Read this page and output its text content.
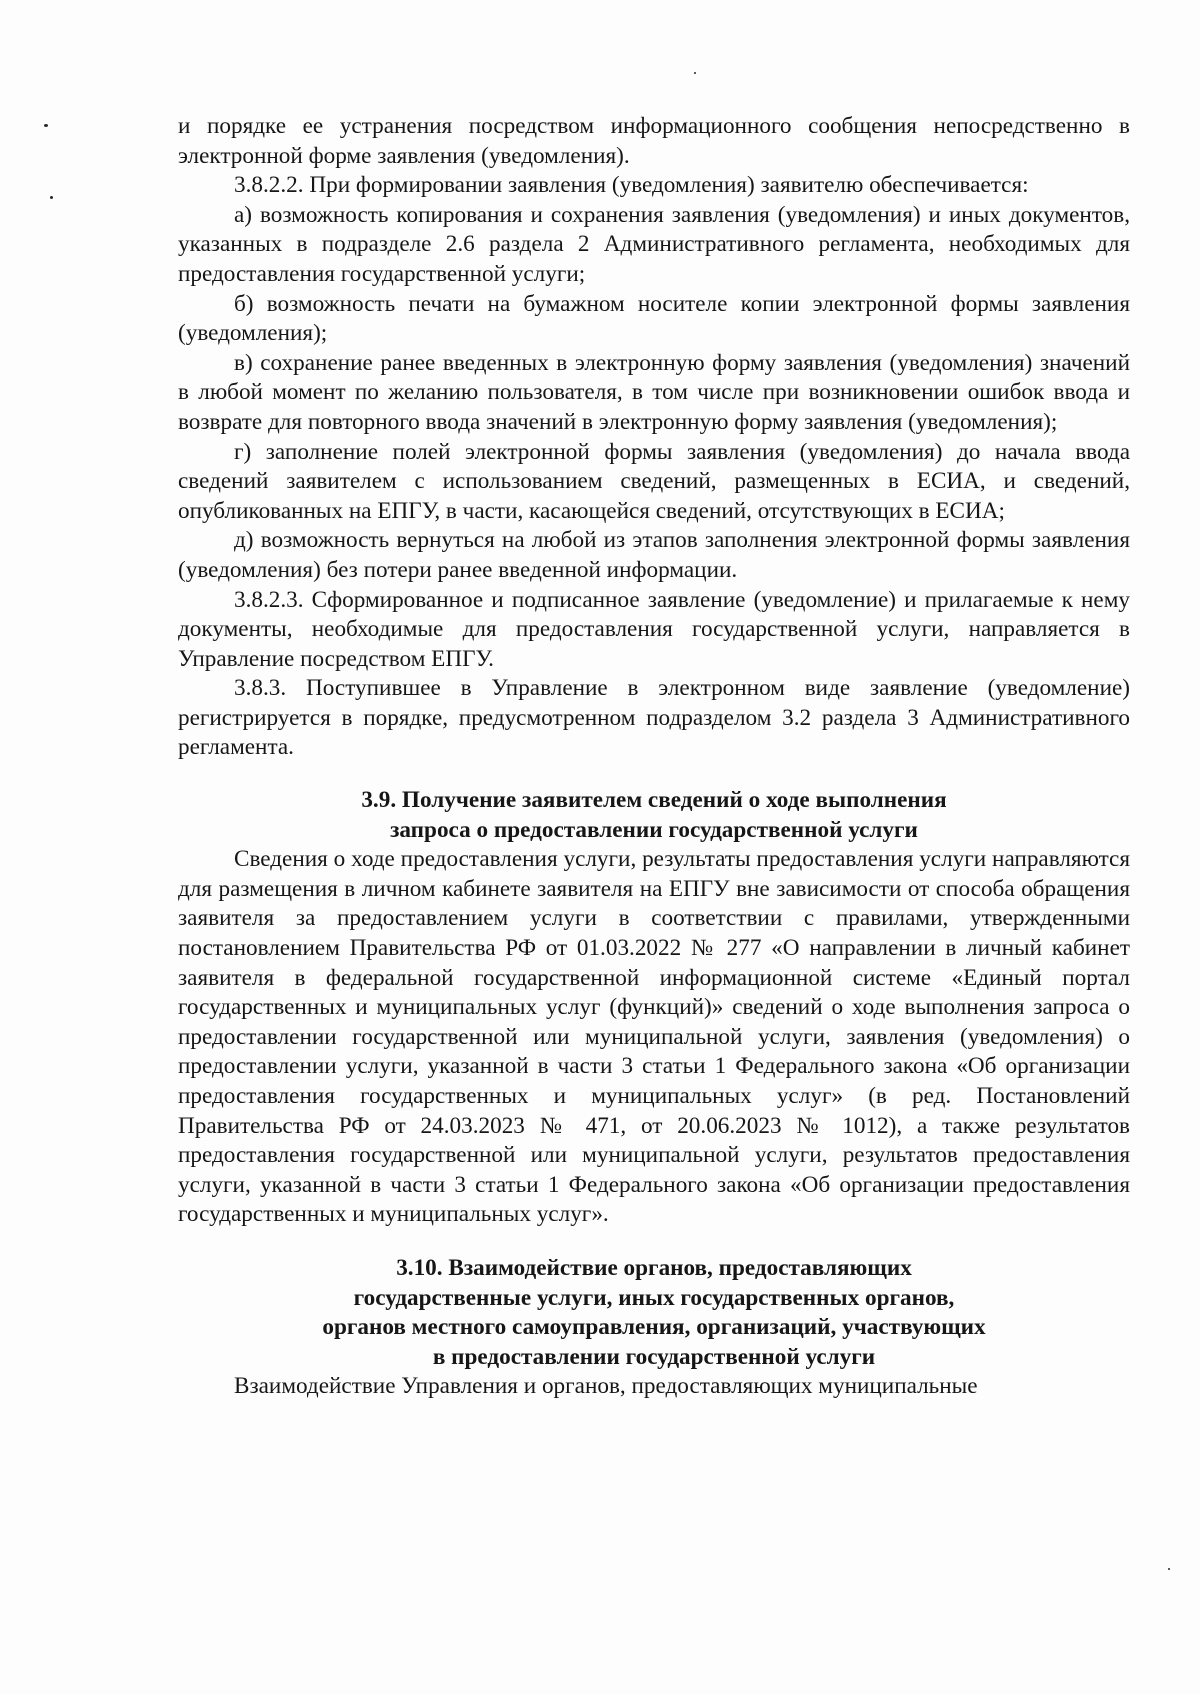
и порядке ее устранения посредством информационного сообщения непосредственно в электронной форме заявления (уведомления).

3.8.2.2. При формировании заявления (уведомления) заявителю обеспечивается:

а) возможность копирования и сохранения заявления (уведомления) и иных документов, указанных в подразделе 2.6 раздела 2 Административного регламента, необходимых для предоставления государственной услуги;

б) возможность печати на бумажном носителе копии электронной формы заявления (уведомления);

в) сохранение ранее введенных в электронную форму заявления (уведомления) значений в любой момент по желанию пользователя, в том числе при возникновении ошибок ввода и возврате для повторного ввода значений в электронную форму заявления (уведомления);

г) заполнение полей электронной формы заявления (уведомления) до начала ввода сведений заявителем с использованием сведений, размещенных в ЕСИА, и сведений, опубликованных на ЕПГУ, в части, касающейся сведений, отсутствующих в ЕСИА;

д) возможность вернуться на любой из этапов заполнения электронной формы заявления (уведомления) без потери ранее введенной информации.

3.8.2.3. Сформированное и подписанное заявление (уведомление) и прилагаемые к нему документы, необходимые для предоставления государственной услуги, направляется в Управление посредством ЕПГУ.

3.8.3. Поступившее в Управление в электронном виде заявление (уведомление) регистрируется в порядке, предусмотренном подразделом 3.2 раздела 3 Административного регламента.

3.9. Получение заявителем сведений о ходе выполнения

запроса о предоставлении государственной услуги

Сведения о ходе предоставления услуги, результаты предоставления услуги направляются для размещения в личном кабинете заявителя на ЕПГУ вне зависимости от способа обращения заявителя за предоставлением услуги в соответствии с правилами, утвержденными постановлением Правительства РФ от 01.03.2022 № 277 «О направлении в личный кабинет заявителя в федеральной государственной информационной системе «Единый портал государственных и муниципальных услуг (функций)» сведений о ходе выполнения запроса о предоставлении государственной или муниципальной услуги, заявления (уведомления) о предоставлении услуги, указанной в части 3 статьи 1 Федерального закона «Об организации предоставления государственных и муниципальных услуг» (в ред. Постановлений Правительства РФ от 24.03.2023 № 471, от 20.06.2023 № 1012), а также результатов предоставления государственной или муниципальной услуги, результатов предоставления услуги, указанной в части 3 статьи 1 Федерального закона «Об организации предоставления государственных и муниципальных услуг».

3.10. Взаимодействие органов, предоставляющих

государственные услуги, иных государственных органов,

органов местного самоуправления, организаций, участвующих

в предоставлении государственной услуги

Взаимодействие Управления и органов, предоставляющих муниципальные
